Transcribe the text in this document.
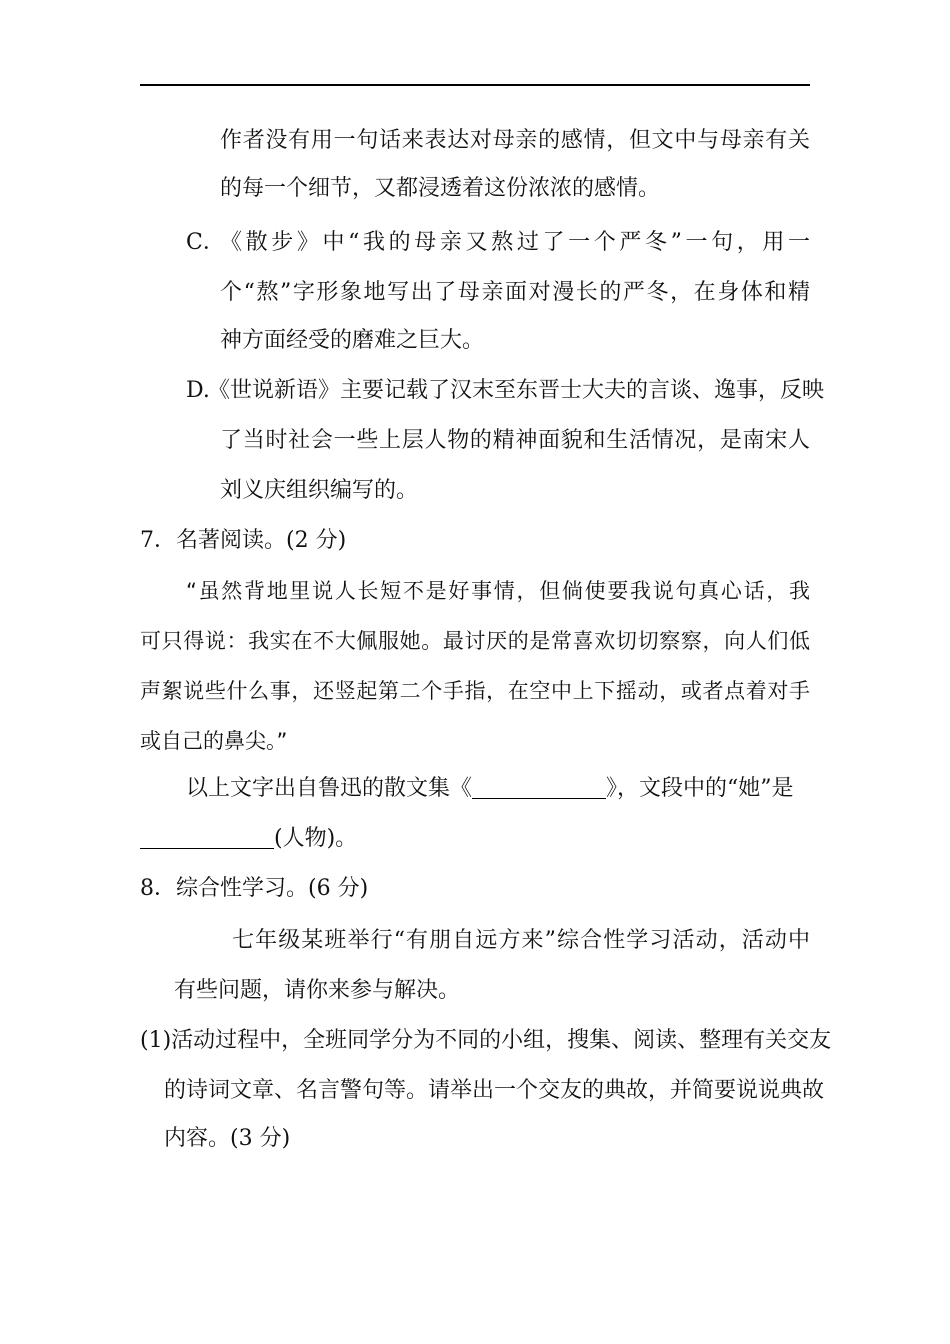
作者没有用一句话来表达对母亲的感情，但文中与母亲有关
的每一个细节，又都浸透着这份浓浓的感情。
C．
《散步》中“我的母亲又熬过了一个严冬”一句，用一
个“熬”字形象地写出了母亲面对漫长的严冬，在身体和精
神方面经受的磨难之巨大。
D.
《世说新语》主要记载了汉末至东晋士大夫的言谈、逸事，反映
了当时社会一些上层人物的精神面貌和生活情况，是南宋人
刘义庆组织编写的。
7．名著阅读。(2 分)
“虽然背地里说人长短不是好事情，但倘使要我说句真心话，我
可只得说：我实在不大佩服她。最讨厌的是常喜欢切切察察，向人们低
声絮说些什么事，还竖起第二个手指，在空中上下摇动，或者点着对手
或自己的鼻尖。”
以上文字出自鲁迅的散文集《	》，文段中的“她”是
(人物)。
8．综合性学习。(6 分)
七年级某班举行“有朋自远方来”综合性学习活动，活动中
有些问题，请你来参与解决。
(1)活动过程中，全班同学分为不同的小组，搜集、阅读、整理有关交友
的诗词文章、名言警句等。请举出一个交友的典故，并简要说说典故
内容。(3 分)
